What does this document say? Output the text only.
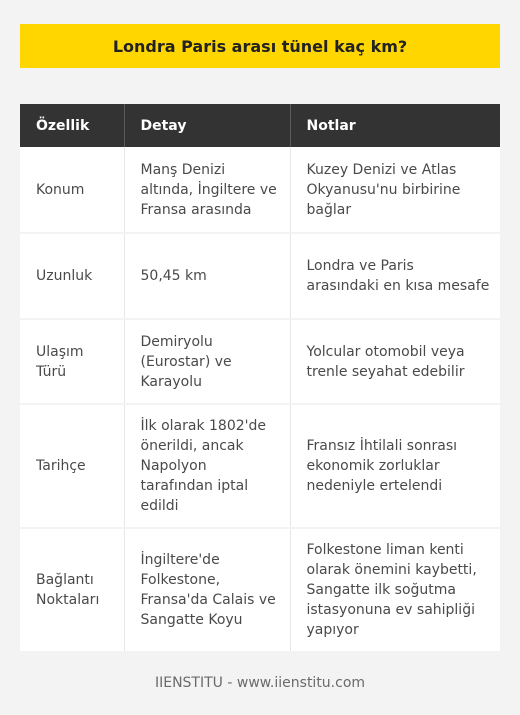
Londra Paris arası tünel kaç km?
Özellik	Detay	Notlar
Konum	Manş Denizi altında, İngiltere ve Fransa arasında	Kuzey Denizi ve Atlas Okyanusu'nu birbirine bağlar
Uzunluk	50,45 km	Londra ve Paris arasındaki en kısa mesafe
Ulaşım Türü	Demiryolu (Eurostar) ve Karayolu	Yolcular otomobil veya trenle seyahat edebilir
Tarihçe	İlk olarak 1802'de önerildi, ancak Napolyon tarafından iptal edildi	Fransız İhtilali sonrası ekonomik zorluklar nedeniyle ertelendi
Bağlantı Noktaları	İngiltere'de Folkestone, Fransa'da Calais ve Sangatte Koyu	Folkestone liman kenti olarak önemini kaybetti, Sangatte ilk soğutma istasyonuna ev sahipliği yapıyor
IIENSTITU - www.iienstitu.com
